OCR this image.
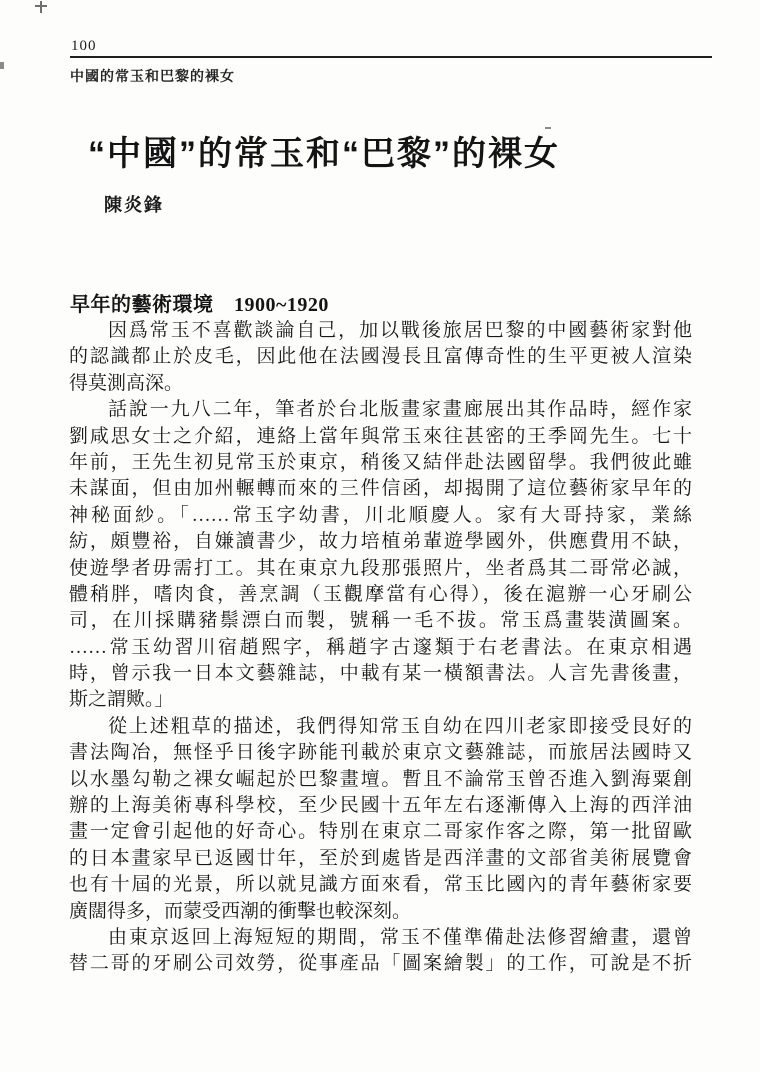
100
中國的常玉和巴黎的裸女
“中國”的常玉和“巴黎”的裸女
陳炎鋒
早年的藝術環境　1900~1920
因爲常玉不喜歡談論自己，加以戰後旅居巴黎的中國藝術家對他
的認識都止於皮毛，因此他在法國漫長且富傳奇性的生平更被人渲染
得莫測高深。
話說一九八二年，筆者於台北版畫家畫廊展出其作品時，經作家
劉咸思女士之介紹，連絡上當年與常玉來往甚密的王季岡先生。七十
年前，王先生初見常玉於東京，稍後又結伴赴法國留學。我們彼此雖
未謀面，但由加州輾轉而來的三件信函，却揭開了這位藝術家早年的
神秘面紗。「……常玉字幼書，川北順慶人。家有大哥持家，業絲
紡，頗豐裕，自嫌讀書少，故力培植弟輩遊學國外，供應費用不缺，
使遊學者毋需打工。其在東京九段那張照片，坐者爲其二哥常必誠，
體稍胖，嗜肉食，善烹調（玉觀摩當有心得），後在滬辦一心牙刷公
司，在川採購豬鬃漂白而製，號稱一毛不拔。常玉爲畫裝潢圖案。
……常玉幼習川宿趙熙字，稱趙字古邃類于右老書法。在東京相遇
時，曾示我一日本文藝雜誌，中載有某一橫額書法。人言先書後畫，
斯之謂歟。」
從上述粗草的描述，我們得知常玉自幼在四川老家即接受艮好的
書法陶冶，無怪乎日後字跡能刊載於東京文藝雜誌，而旅居法國時又
以水墨勾勒之裸女崛起於巴黎畫壇。暫且不論常玉曾否進入劉海粟創
辦的上海美術專科學校，至少民國十五年左右逐漸傳入上海的西洋油
畫一定會引起他的好奇心。特別在東京二哥家作客之際，第一批留歐
的日本畫家早已返國廿年，至於到處皆是西洋畫的文部省美術展覽會
也有十屆的光景，所以就見識方面來看，常玉比國內的青年藝術家要
廣闊得多，而蒙受西潮的衝擊也較深刻。
由東京返回上海短短的期間，常玉不僅準備赴法修習繪畫，還曾
替二哥的牙刷公司效勞，從事產品「圖案繪製」的工作，可說是不折
